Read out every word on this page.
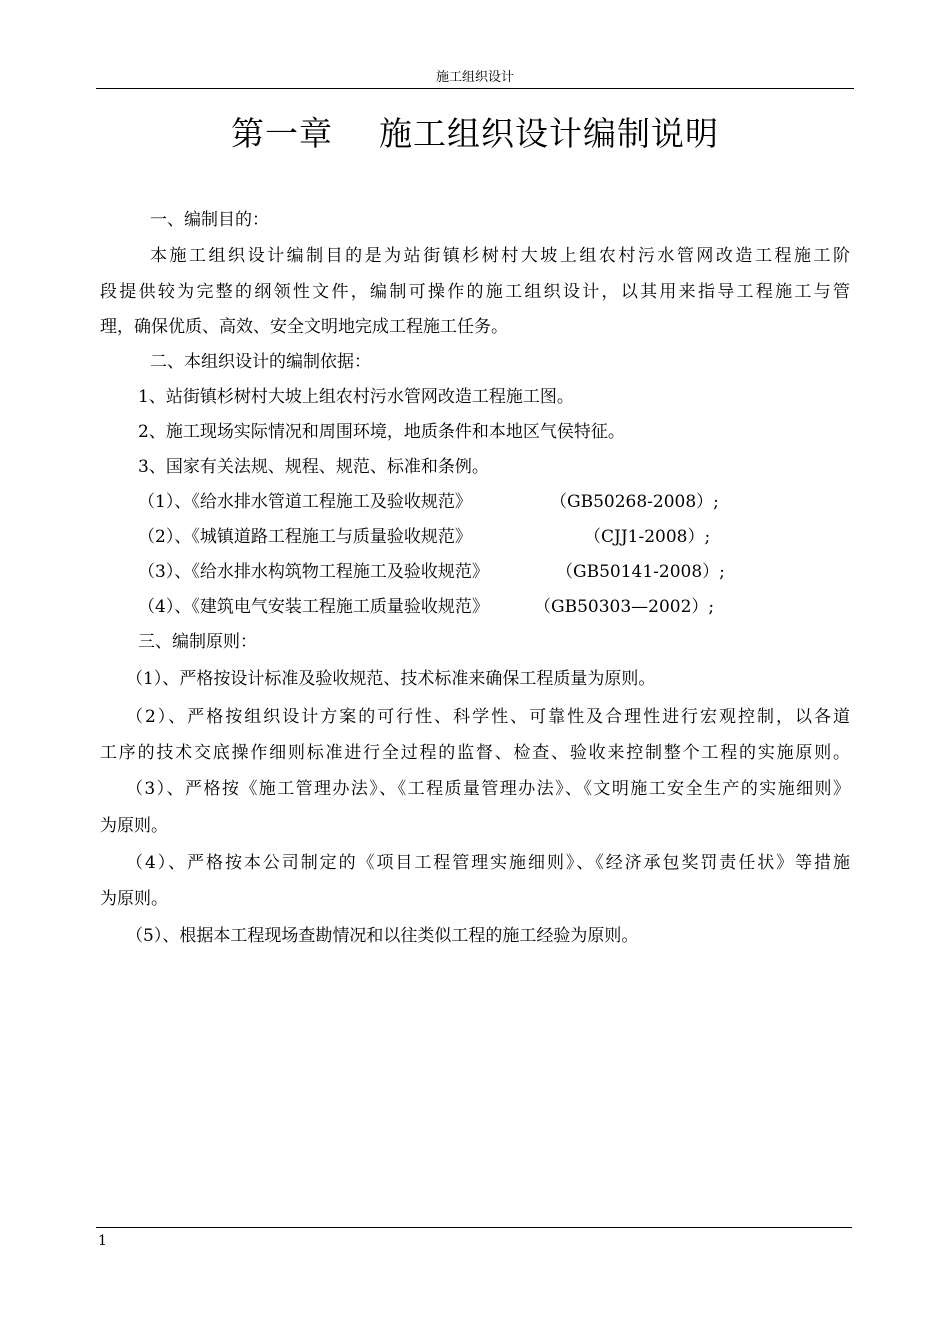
施工组织设计
第一章    施工组织设计编制说明
一、编制目的：
本施工组织设计编制目的是为站街镇杉树村大坡上组农村污水管网改造工程施工阶
段提供较为完整的纲领性文件，编制可操作的施工组织设计，以其用来指导工程施工与管
理，确保优质、高效、安全文明地完成工程施工任务。
二、本组织设计的编制依据：
1、站街镇杉树村大坡上组农村污水管网改造工程施工图。
2、施工现场实际情况和周围环境，地质条件和本地区气侯特征。
3、国家有关法规、规程、规范、标准和条例。
（1）、《给水排水管道工程施工及验收规范》	（GB50268-2008）;
（2）、《城镇道路工程施工与质量验收规范》	（CJJ1-2008）;
（3）、《给水排水构筑物工程施工及验收规范》	（GB50141-2008）;
（4）、《建筑电气安装工程施工质量验收规范》	（GB50303—2002）;
三、编制原则：
（1）、严格按设计标准及验收规范、技术标准来确保工程质量为原则。
（2）、严格按组织设计方案的可行性、科学性、可靠性及合理性进行宏观控制，以各道
工序的技术交底操作细则标准进行全过程的监督、检查、验收来控制整个工程的实施原则。
（3）、严格按《施工管理办法》、《工程质量管理办法》、《文明施工安全生产的实施细则》
为原则。
（4）、严格按本公司制定的《项目工程管理实施细则》、《经济承包奖罚责任状》等措施
为原则。
（5）、根据本工程现场查勘情况和以往类似工程的施工经验为原则。
1
